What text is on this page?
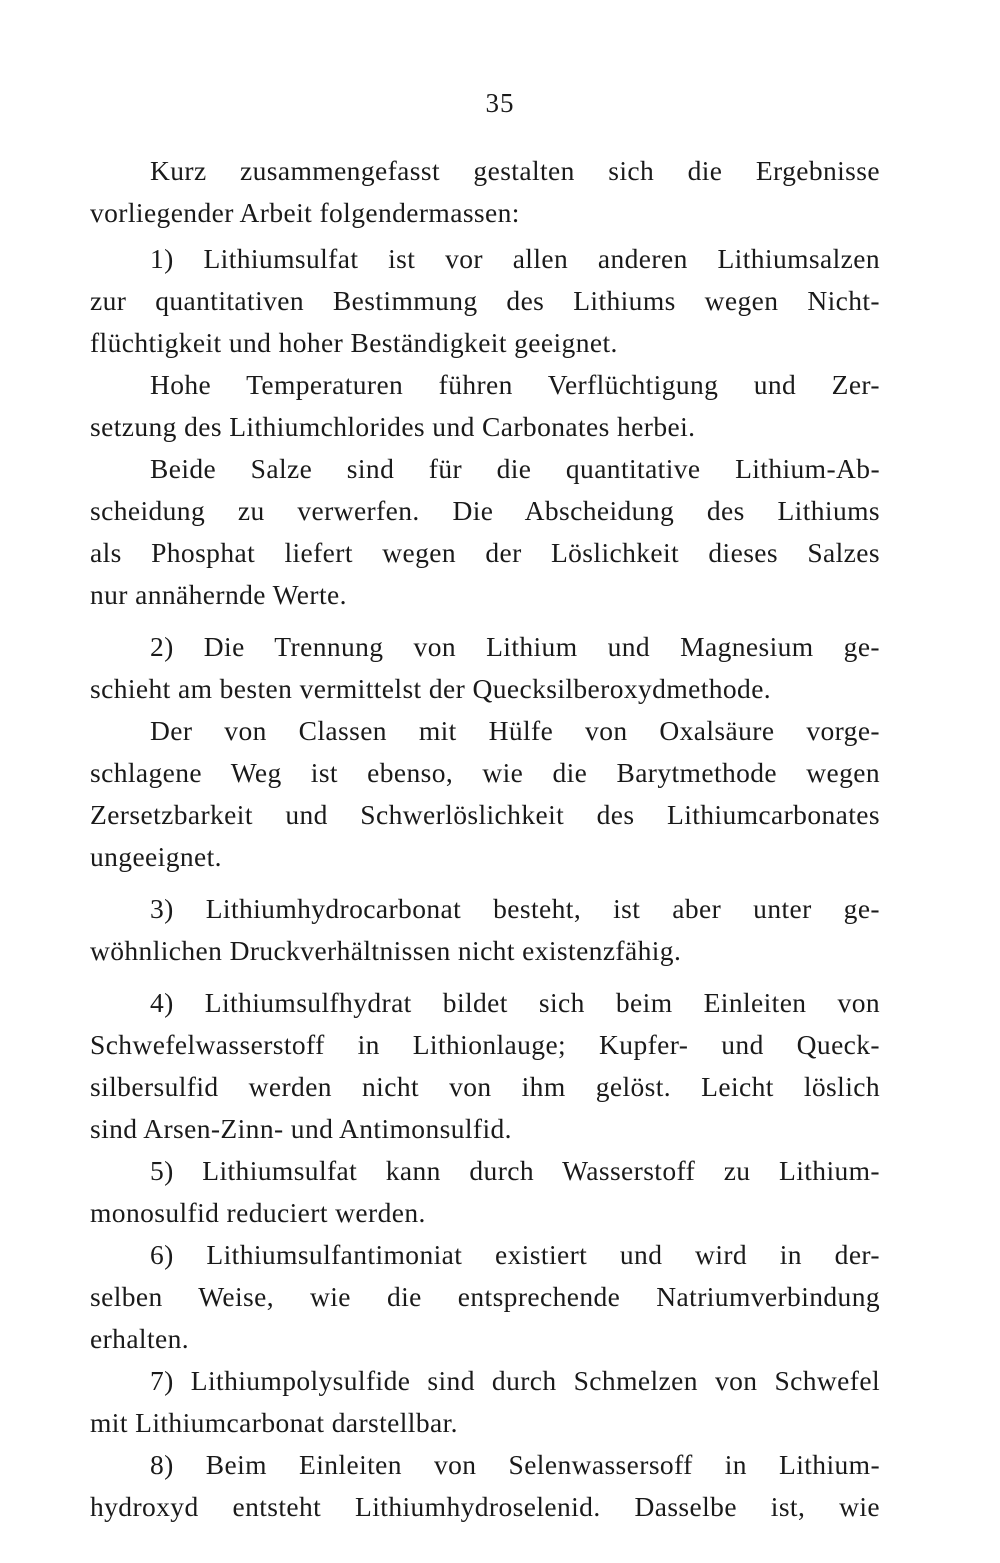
35
Kurz zusammengefasst gestalten sich die Ergebnisse
vorliegender Arbeit folgendermassen:
1) Lithiumsulfat ist vor allen anderen Lithiumsalzen
zur quantitativen Bestimmung des Lithiums wegen Nicht-
flüchtigkeit und hoher Beständigkeit geeignet.
Hohe Temperaturen führen Verflüchtigung und Zer-
setzung des Lithiumchlorides und Carbonates herbei.
Beide Salze sind für die quantitative Lithium-Ab-
scheidung zu verwerfen. Die Abscheidung des Lithiums
als Phosphat liefert wegen der Löslichkeit dieses Salzes
nur annähernde Werte.
2) Die Trennung von Lithium und Magnesium ge-
schieht am besten vermittelst der Quecksilberoxydmethode.
Der von Classen mit Hülfe von Oxalsäure vorge-
schlagene Weg ist ebenso, wie die Barytmethode wegen
Zersetzbarkeit und Schwerlöslichkeit des Lithiumcarbonates
ungeeignet.
3) Lithiumhydrocarbonat besteht, ist aber unter ge-
wöhnlichen Druckverhältnissen nicht existenzfähig.
4) Lithiumsulfhydrat bildet sich beim Einleiten von
Schwefelwasserstoff in Lithionlauge; Kupfer- und Queck-
silbersulfid werden nicht von ihm gelöst. Leicht löslich
sind Arsen-Zinn- und Antimonsulfid.
5) Lithiumsulfat kann durch Wasserstoff zu Lithium-
monosulfid reduciert werden.
6) Lithiumsulfantimoniat existiert und wird in der-
selben Weise, wie die entsprechende Natriumverbindung
erhalten.
7) Lithiumpolysulfide sind durch Schmelzen von Schwefel
mit Lithiumcarbonat darstellbar.
8) Beim Einleiten von Selenwassersoff in Lithium-
hydroxyd entsteht Lithiumhydroselenid. Dasselbe ist, wie
